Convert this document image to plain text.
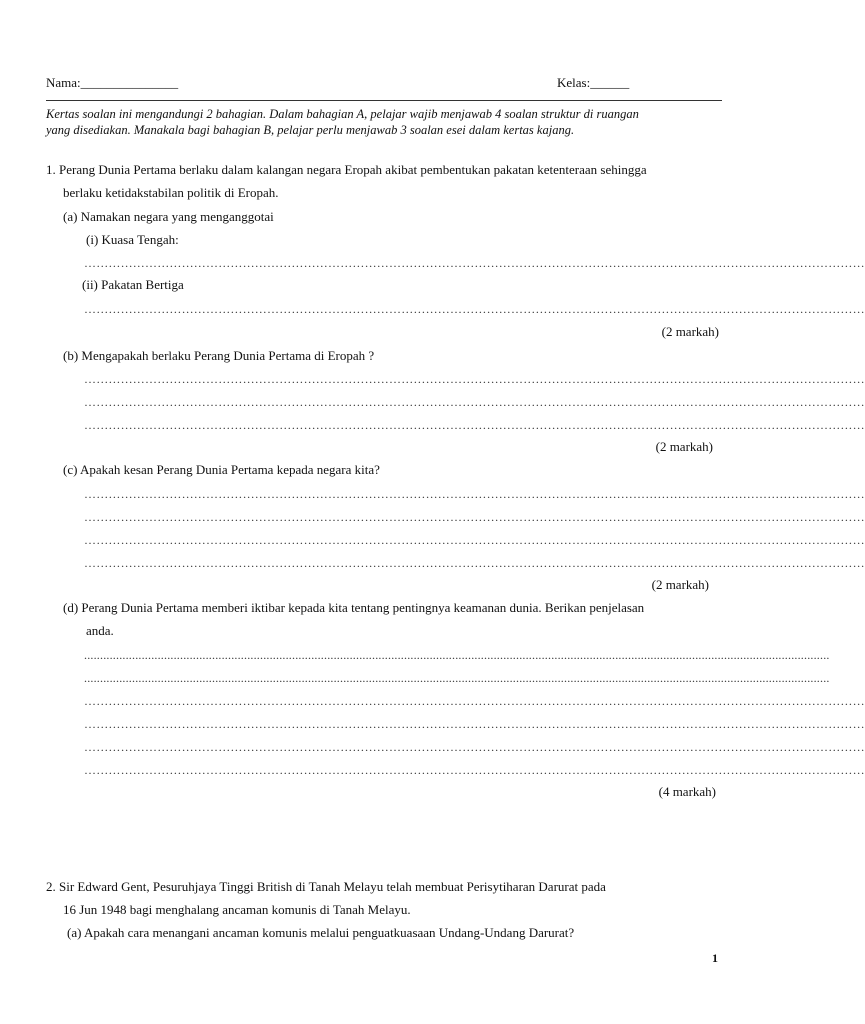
Nama:_______________	Kelas:______
Kertas soalan ini mengandungi 2 bahagian. Dalam bahagian A, pelajar wajib menjawab 4 soalan struktur di ruangan
yang disediakan. Manakala bagi bahagian B, pelajar perlu menjawab 3 soalan esei dalam kertas kajang.
1. Perang Dunia Pertama berlaku dalam kalangan negara Eropah akibat pembentukan pakatan ketenteraan sehingga
berlaku ketidakstabilan politik di Eropah.
(a) Namakan negara yang menganggotai
(i) Kuasa Tengah:
…………………………………………………………………………………………………………………………………………………………………………
(ii) Pakatan Bertiga
…………………………………………………………………………………………………………………………………………………………………………
(2 markah)
(b) Mengapakah berlaku Perang Dunia Pertama di Eropah ?
…………………………………………………………………………………………………………………………………………………………………………
…………………………………………………………………………………………………………………………………………………………………………
…………………………………………………………………………………………………………………………………………………………………………
(2 markah)
(c) Apakah kesan Perang Dunia Pertama kepada negara kita?
…………………………………………………………………………………………………………………………………………………………………………
…………………………………………………………………………………………………………………………………………………………………………
…………………………………………………………………………………………………………………………………………………………………………
…………………………………………………………………………………………………………………………………………………………………………
(2 markah)
(d) Perang Dunia Pertama memberi iktibar kepada kita tentang pentingnya keamanan dunia. Berikan penjelasan
anda.
.........................................................................................................................................................................................................................................
.........................................................................................................................................................................................................................................
…………………………………………………………………………………………………………………………………………………………………………
…………………………………………………………………………………………………………………………………………………………………………
…………………………………………………………………………………………………………………………………………………………………………
…………………………………………………………………………………………………………………………………………………………………………
(4 markah)
2. Sir Edward Gent, Pesuruhjaya Tinggi British di Tanah Melayu telah membuat Perisytiharan Darurat pada
16 Jun 1948 bagi menghalang ancaman komunis di Tanah Melayu.
(a) Apakah cara menangani ancaman komunis melalui penguatkuasaan Undang-Undang Darurat?
1
